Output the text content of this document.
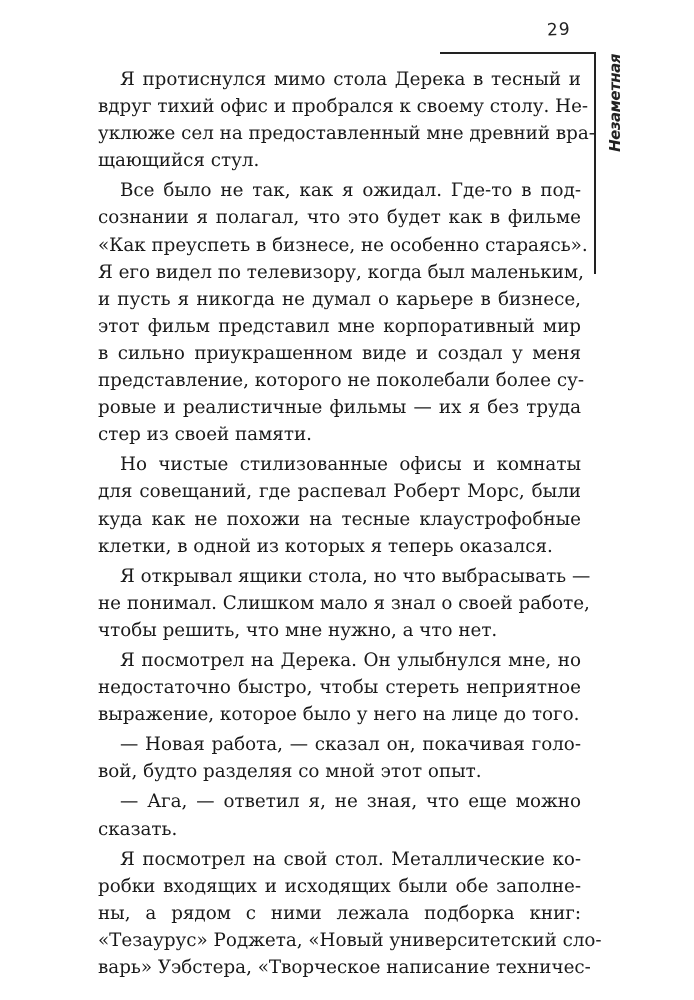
29
Незаметная
Я протиснулся мимо стола Дерека в тесный и
вдруг тихий офис и пробрался к своему столу. Не-
уклюже сел на предоставленный мне древний вра-
щающийся стул.
Все было не так, как я ожидал. Где-то в под-
сознании я полагал, что это будет как в фильме
«Как преуспеть в бизнесе, не особенно стараясь».
Я его видел по телевизору, когда был маленьким,
и пусть я никогда не думал о карьере в бизнесе,
этот фильм представил мне корпоративный мир
в сильно приукрашенном виде и создал у меня
представление, которого не поколебали более су-
ровые и реалистичные фильмы — их я без труда
стер из своей памяти.
Но чистые стилизованные офисы и комнаты
для совещаний, где распевал Роберт Морс, были
куда как не похожи на тесные клаустрофобные
клетки, в одной из которых я теперь оказался.
Я открывал ящики стола, но что выбрасывать —
не понимал. Слишком мало я знал о своей работе,
чтобы решить, что мне нужно, а что нет.
Я посмотрел на Дерека. Он улыбнулся мне, но
недостаточно быстро, чтобы стереть неприятное
выражение, которое было у него на лице до того.
— Новая работа, — сказал он, покачивая голо-
вой, будто разделяя со мной этот опыт.
— Ага, — ответил я, не зная, что еще можно
сказать.
Я посмотрел на свой стол. Металлические ко-
робки входящих и исходящих были обе заполне-
ны, а рядом с ними лежала подборка книг:
«Тезаурус» Роджета, «Новый университетский сло-
варь» Уэбстера, «Творческое написание техничес-
